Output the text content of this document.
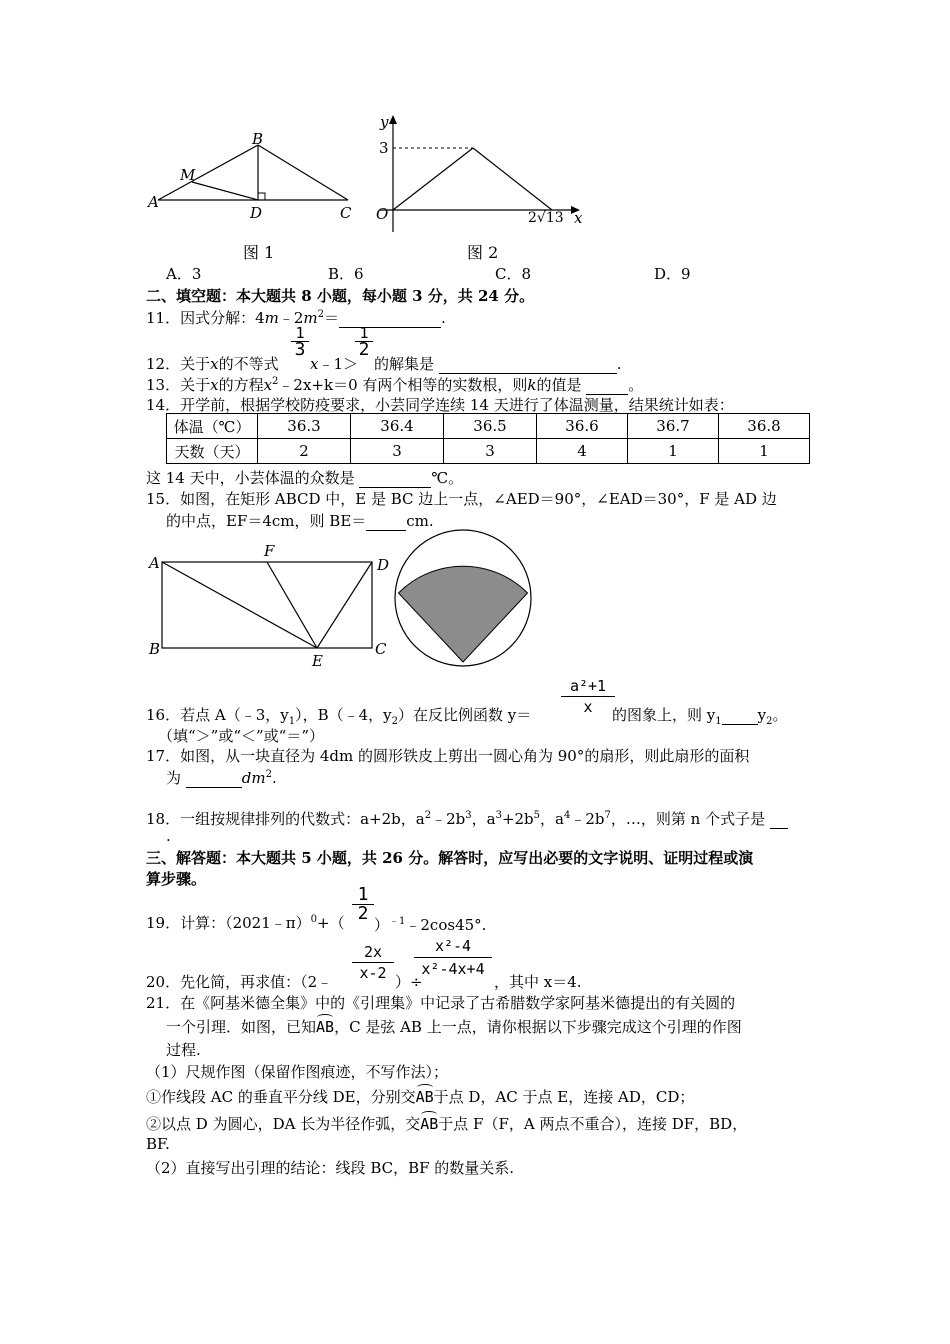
A
B
M
D	C
图 1
y
x
3
O	2√13
图 2
A．3	B．6	C．8	D．9
二、填空题：本大题共 8 小题，每小题 3 分，共 24 分。
11．因式分解：$4m﹣2m^2=$	.
1
3
1
2
12．关于x的不等式 x﹣1＞ 的解集是	.
13．关于x的方程$x^2﹣2x+k=0$ 有两个相等的实数根，则k的值是	。
14．开学前，根据学校防疫要求，小芸同学连续 14 天进行了体温测量，结果统计如表：
体温（℃）	36.3	36.4	36.5	36.6	36.7	36.8
天数（天）	2	3	3	4	1	1
这 14 天中，小芸体温的众数是	℃。
15．如图，在矩形 ABCD 中，E 是 BC 边上一点，∠AED＝90°，∠EAD＝30°，F 是 AD 边
的中点，EF＝4cm，则 BE＝	cm.
A
F
D
B
E
C
a²+1
x
16．若点 A（﹣3，$y_1$），B（﹣4，$y_2$）在反比例函数 y＝	的图象上，则 $y_1$ $y_2$。
（填“＞”或“＜”或“＝”）
17．如图，从一块直径为 4dm 的圆形铁皮上剪出一圆心角为 90°的扇形，则此扇形的面积
为	$dm^2$.
18．一组按规律排列的代数式：a+2b，$a^2﹣2b^3$，$a^3+2b^5$，$a^4﹣2b^7$，…，则第 n 个式子是
.
三、解答题：本大题共 5 小题，共 26 分。解答时，应写出必要的文字说明、证明过程或演
算步骤。
1
2
19．计算：（2021﹣π）$^0$+（ ）$^{﹣1}$﹣2cos45°.
2x
x-2
x²-4
x²-4x+4
20．先化简，再求值：（2﹣	）÷	，其中 x＝4.
21．在《阿基米德全集》中的《引理集》中记录了古希腊数学家阿基米德提出的有关圆的
一个引理．如图，已知AB，C 是弦 AB 上一点，请你根据以下步骤完成这个引理的作图
过程.
（1）尺规作图（保留作图痕迹，不写作法）；
①作线段 AC 的垂直平分线 DE，分别交AB于点 D，AC 于点 E，连接 AD，CD；
②以点 D 为圆心，DA 长为半径作弧，交AB于点 F（F，A 两点不重合），连接 DF，BD，
BF.
（2）直接写出引理的结论：线段 BC，BF 的数量关系.
